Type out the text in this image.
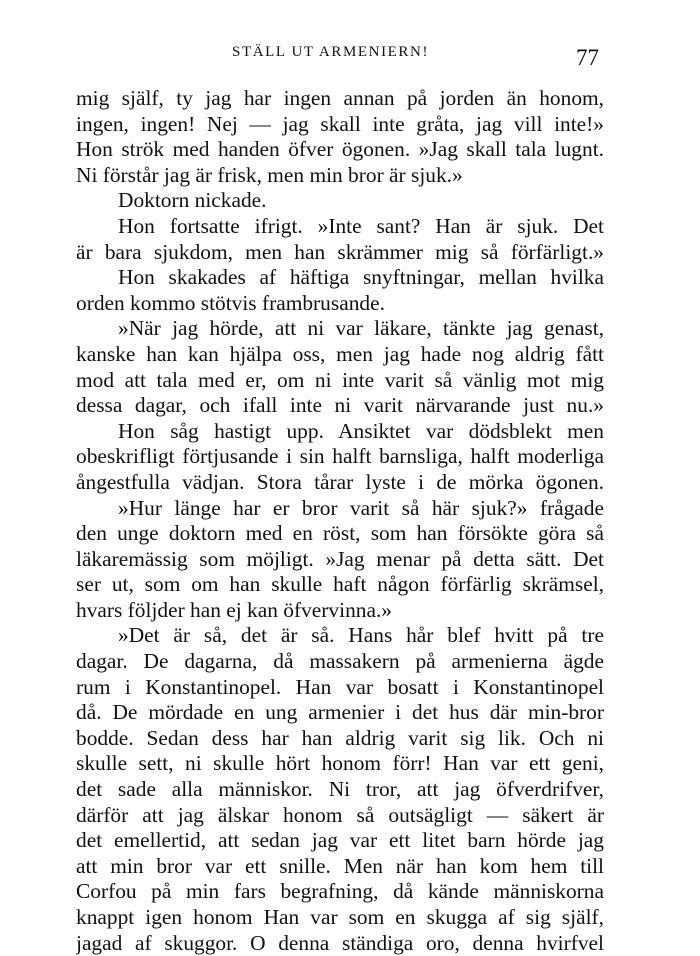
STÄLL UT ARMENIERN!	77
mig själf, ty jag har ingen annan på jorden än honom,
ingen, ingen! Nej — jag skall inte gråta, jag vill inte!»
Hon strök med handen öfver ögonen. »Jag skall tala lugnt.
Ni förstår jag är frisk, men min bror är sjuk.»
Doktorn nickade.
Hon fortsatte ifrigt. »Inte sant? Han är sjuk. Det
är bara sjukdom, men han skrämmer mig så förfärligt.»
Hon skakades af häftiga snyftningar, mellan hvilka
orden kommo stötvis frambrusande.
»När jag hörde, att ni var läkare, tänkte jag genast,
kanske han kan hjälpa oss, men jag hade nog aldrig fått
mod att tala med er, om ni inte varit så vänlig mot mig
dessa dagar, och ifall inte ni varit närvarande just nu.»
Hon såg hastigt upp. Ansiktet var dödsblekt men
obeskrifligt förtjusande i sin halft barnsliga, halft moderliga
ångestfulla vädjan. Stora tårar lyste i de mörka ögonen.
»Hur länge har er bror varit så här sjuk?» frågade
den unge doktorn med en röst, som han försökte göra så
läkaremässig som möjligt. »Jag menar på detta sätt. Det
ser ut, som om han skulle haft någon förfärlig skrämsel,
hvars följder han ej kan öfvervinna.»
»Det är så, det är så. Hans hår blef hvitt på tre
dagar. De dagarna, då massakern på armenierna ägde
rum i Konstantinopel. Han var bosatt i Konstantinopel
då. De mördade en ung armenier i det hus där min-bror
bodde. Sedan dess har han aldrig varit sig lik. Och ni
skulle sett, ni skulle hört honom förr! Han var ett geni,
det sade alla människor. Ni tror, att jag öfverdrifver,
därför att jag älskar honom så outsägligt — säkert är
det emellertid, att sedan jag var ett litet barn hörde jag
att min bror var ett snille. Men när han kom hem till
Corfou på min fars begrafning, då kände människorna
knappt igen honom Han var som en skugga af sig själf,
jagad af skuggor. O denna ständiga oro, denna hvirfvel
